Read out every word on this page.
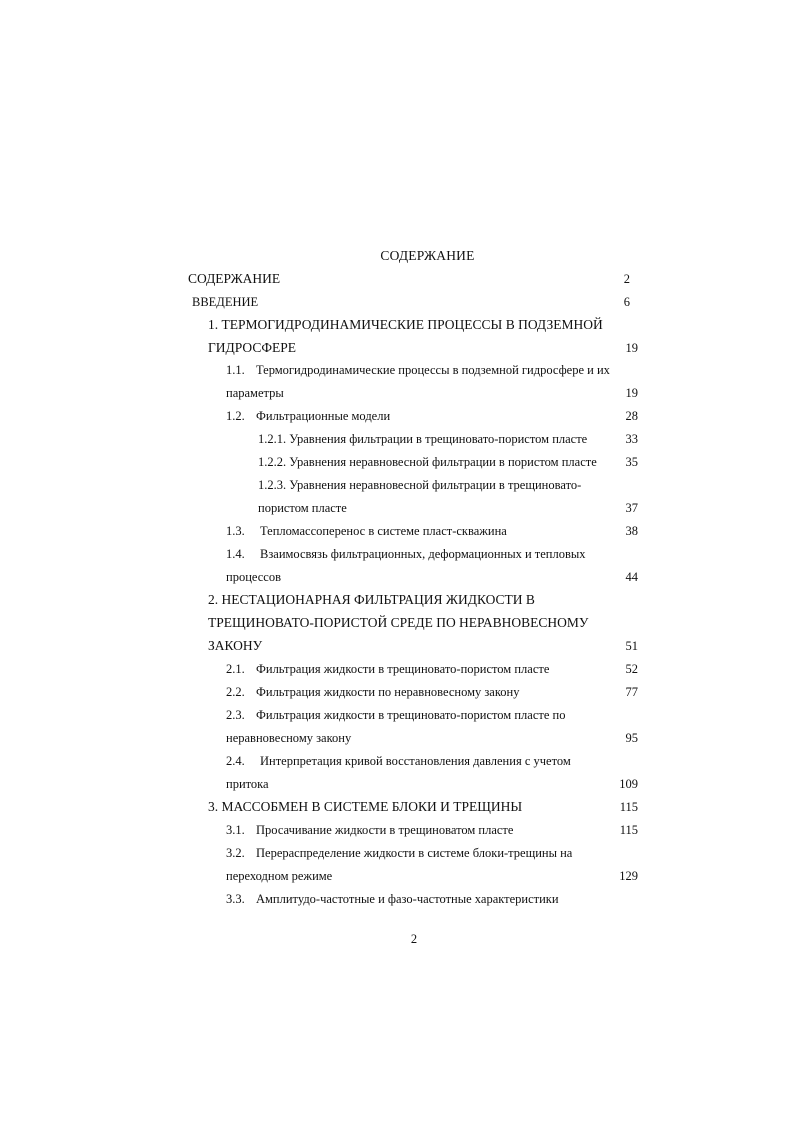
СОДЕРЖАНИЕ
СОДЕРЖАНИЕ	2
ВВЕДЕНИЕ	6
1. ТЕРМОГИДРОДИНАМИЧЕСКИЕ ПРОЦЕССЫ В ПОДЗЕМНОЙ
ГИДРОСФЕРЕ	19
1.1. Термогидродинамические процессы в подземной гидросфере и их
параметры	19
1.2. Фильтрационные модели	28
1.2.1. Уравнения фильтрации в трещиновато-пористом пласте	33
1.2.2. Уравнения неравновесной фильтрации в пористом пласте	35
1.2.3. Уравнения неравновесной фильтрации в трещиновато-
пористом пласте	37
1.3. Тепломассоперенос в системе пласт-скважина	38
1.4. Взаимосвязь фильтрационных, деформационных и тепловых
процессов	44
2. НЕСТАЦИОНАРНАЯ ФИЛЬТРАЦИЯ ЖИДКОСТИ В
ТРЕЩИНОВАТО-ПОРИСТОЙ СРЕДЕ ПО НЕРАВНОВЕСНОМУ
ЗАКОНУ	51
2.1. Фильтрация жидкости в трещиновато-пористом пласте	52
2.2. Фильтрация жидкости по неравновесному закону	77
2.3. Фильтрация жидкости в трещиновато-пористом пласте по
неравновесному закону	95
2.4. Интерпретация кривой восстановления давления с учетом
притока	109
3. МАССОБМЕН В СИСТЕМЕ БЛОКИ И ТРЕЩИНЫ	115
3.1. Просачивание жидкости в трещиноватом пласте	115
3.2. Перераспределение жидкости в системе блоки-трещины на
переходном режиме	129
3.3. Амплитудо-частотные и фазо-частотные характеристики
2
